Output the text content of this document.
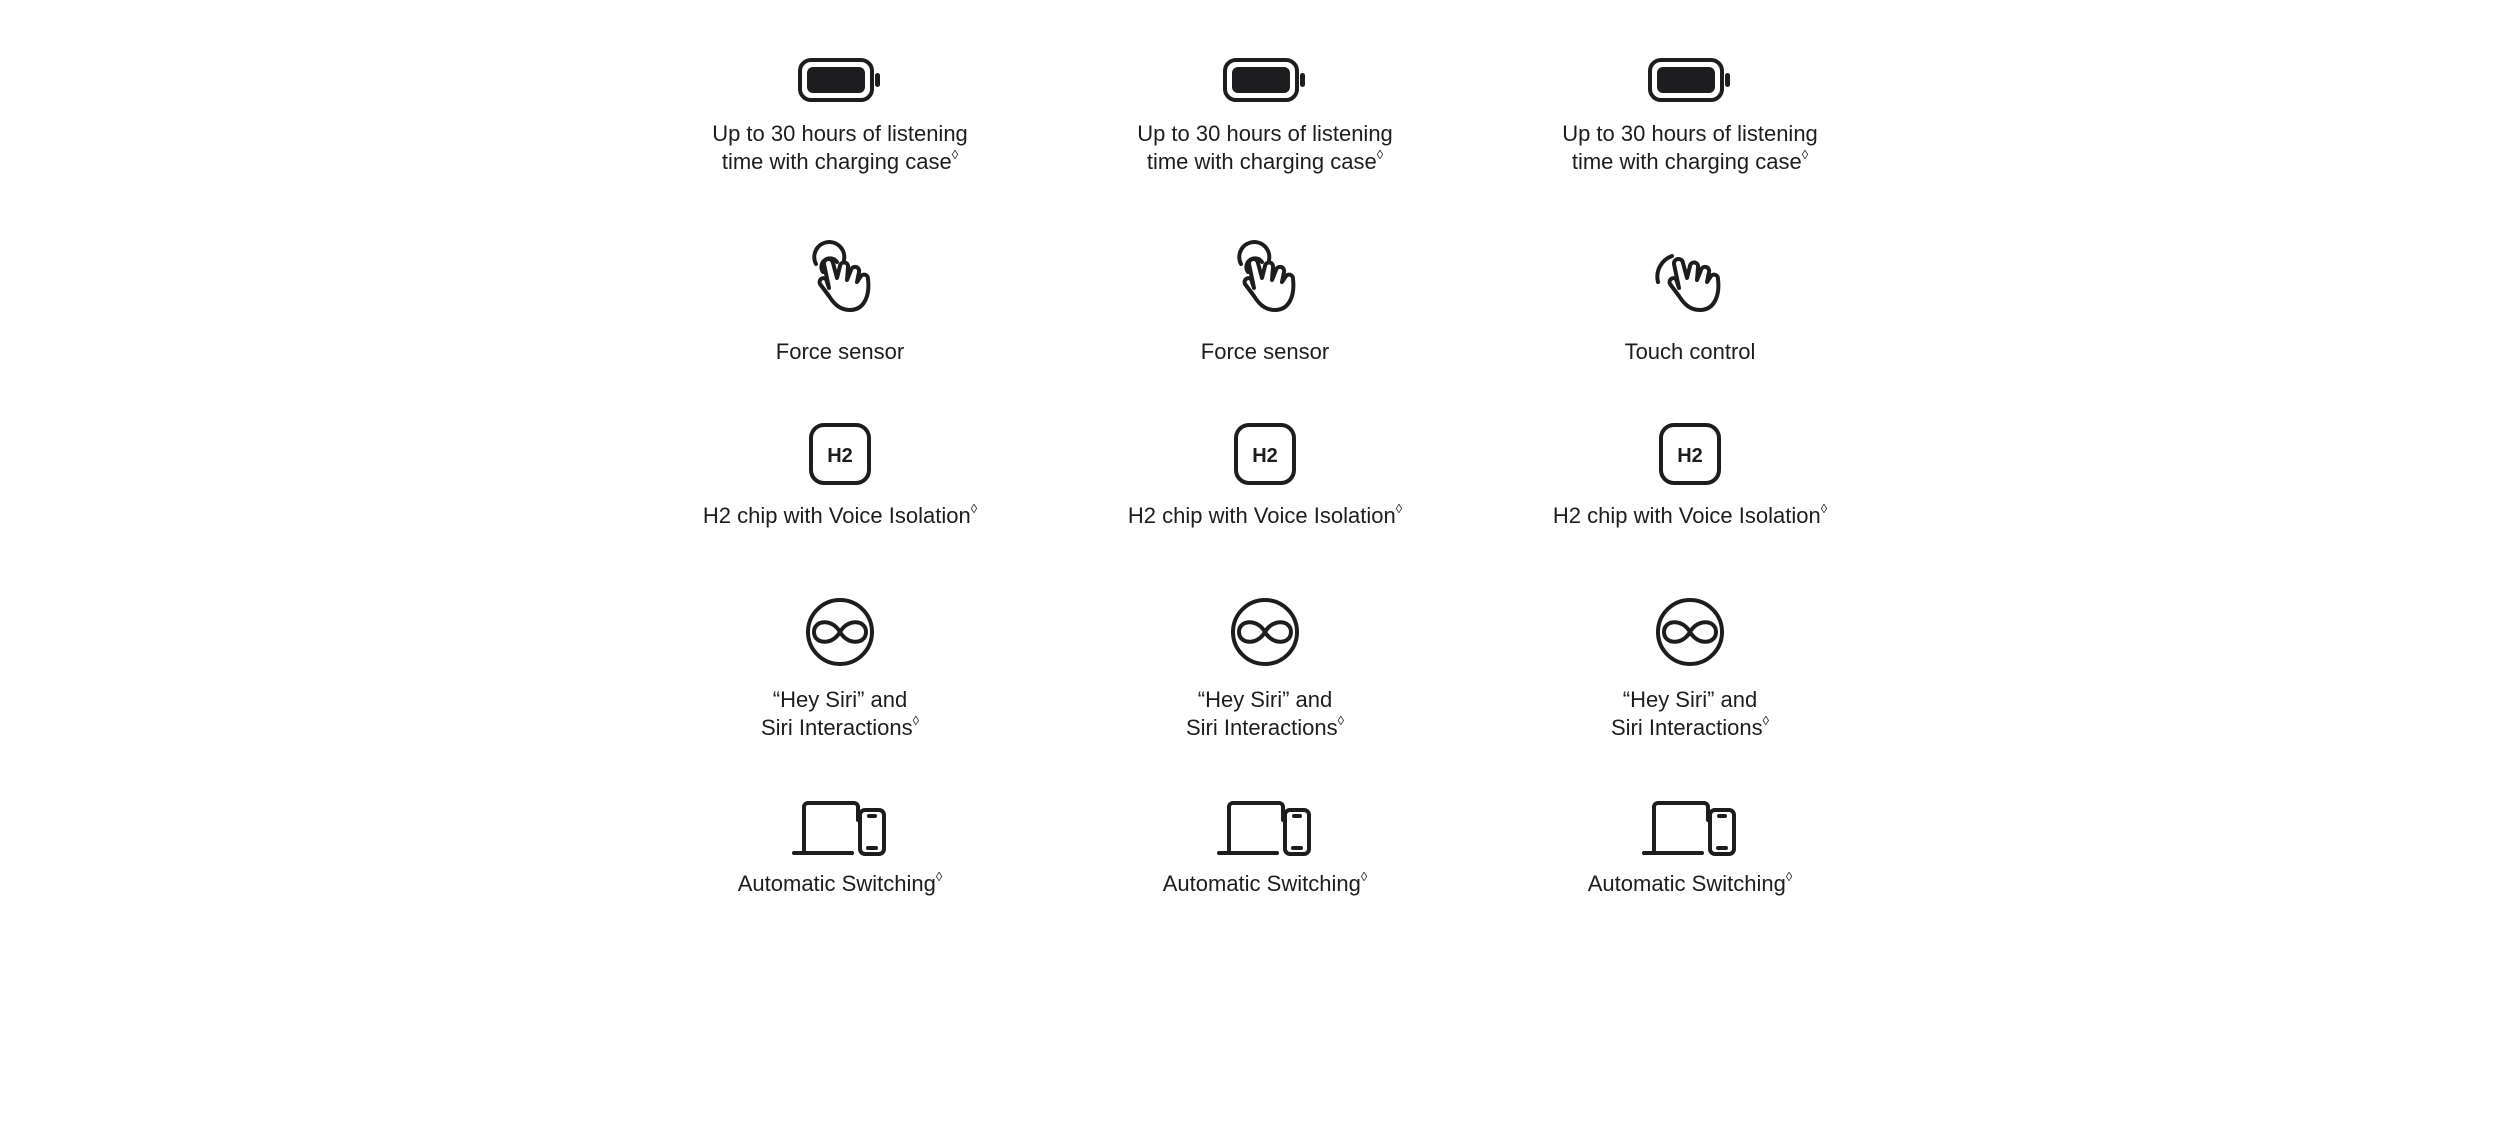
Up to 30 hours of listening
time with charging case◊
Force sensor
H2
H2 chip with Voice Isolation◊
“Hey Siri” and
Siri Interactions◊
Automatic Switching◊
Up to 30 hours of listening
time with charging case◊
Force sensor
H2
H2 chip with Voice Isolation◊
“Hey Siri” and
Siri Interactions◊
Automatic Switching◊
Up to 30 hours of listening
time with charging case◊
Touch control
H2
H2 chip with Voice Isolation◊
“Hey Siri” and
Siri Interactions◊
Automatic Switching◊
